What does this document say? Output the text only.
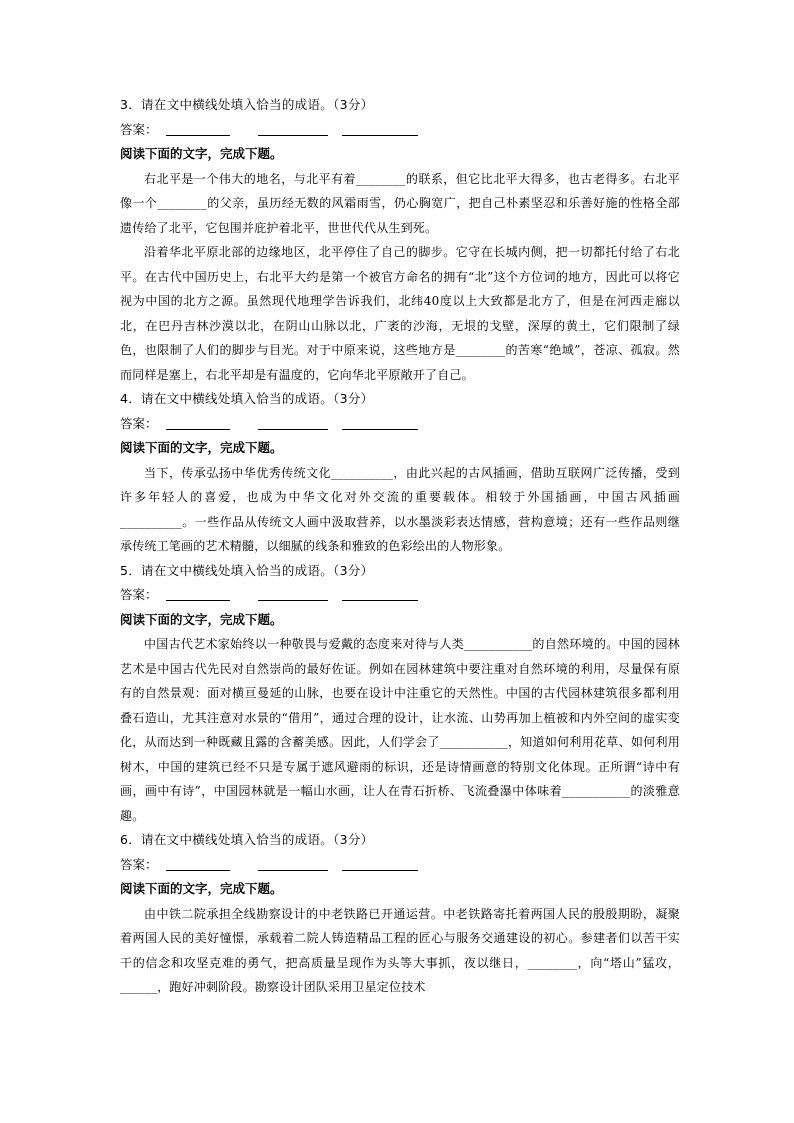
3．请在文中横线处填入恰当的成语。（3分）
答案：
阅读下面的文字，完成下题。
右北平是一个伟大的地名，与北平有着________的联系，但它比北平大得多，也古老得多。右北平像一个________的父亲，虽历经无数的风霜雨雪，仍心胸宽广，把自己朴素坚忍和乐善好施的性格全部遗传给了北平，它包围并庇护着北平，世世代代从生到死。
沿着华北平原北部的边缘地区，北平停住了自己的脚步。它守在长城内侧，把一切都托付给了右北平。在古代中国历史上，右北平大约是第一个被官方命名的拥有“北”这个方位词的地方，因此可以将它视为中国的北方之源。虽然现代地理学告诉我们，北纬40度以上大致都是北方了，但是在河西走廊以北，在巴丹吉林沙漠以北，在阴山山脉以北，广袤的沙海，无垠的戈壁，深厚的黄土，它们限制了绿色，也限制了人们的脚步与目光。对于中原来说，这些地方是________的苦寒“绝域”，苍凉、孤寂。然而同样是塞上，右北平却是有温度的，它向华北平原敞开了自己。
4．请在文中横线处填入恰当的成语。（3分）
答案：
阅读下面的文字，完成下题。
当下，传承弘扬中华优秀传统文化__________，由此兴起的古风插画，借助互联网广泛传播，受到许多年轻人的喜爱，也成为中华文化对外交流的重要载体。相较于外国插画，中国古风插画__________。一些作品从传统文人画中汲取营养，以水墨淡彩表达情感，营构意境；还有一些作品则继承传统工笔画的艺术精髓，以细腻的线条和雅致的色彩绘出的人物形象。
5．请在文中横线处填入恰当的成语。（3分）
答案：
阅读下面的文字，完成下题。
中国古代艺术家始终以一种敬畏与爱戴的态度来对待与人类___________的自然环境的。中国的园林艺术是中国古代先民对自然崇尚的最好佐证。例如在园林建筑中要注重对自然环境的利用，尽量保有原有的自然景观：面对横亘曼延的山脉，也要在设计中注重它的天然性。中国的古代园林建筑很多都利用叠石造山，尤其注意对水景的“借用”，通过合理的设计，让水流、山势再加上植被和内外空间的虚实变化，从而达到一种既藏且露的含蓄美感。因此，人们学会了___________，知道如何利用花草、如何利用树木，中国的建筑已经不只是专属于遮风避雨的标识，还是诗情画意的特别文化体现。正所谓“诗中有画，画中有诗”，中国园林就是一幅山水画，让人在青石折桥、飞流叠瀑中体味着___________的淡雅意趣。
6．请在文中横线处填入恰当的成语。（3分）
答案：
阅读下面的文字，完成下题。
由中铁二院承担全线勘察设计的中老铁路已开通运营。中老铁路寄托着两国人民的殷殷期盼，凝聚着两国人民的美好憧憬，承载着二院人铸造精品工程的匠心与服务交通建设的初心。参建者们以苦干实干的信念和攻坚克难的勇气，把高质量呈现作为头等大事抓，夜以继日，________，向“塔山”猛攻，______，跑好冲刺阶段。勘察设计团队采用卫星定位技术
